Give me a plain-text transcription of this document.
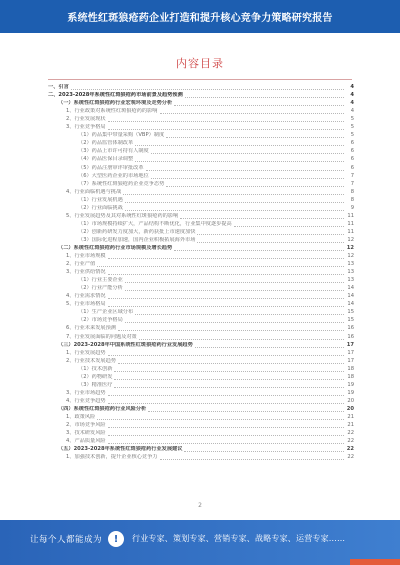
系统性红斑狼疮药企业打造和提升核心竞争力策略研究报告
内容目录
一、引言	4
二、2023-2028年系统性红斑狼疮药市场前景及趋势预测	4
（一）系统性红斑狼疮药行业宏观环境及走势分析	4
1、行业政策对系统性红斑狼疮药的影响	4
2、行业发展现状	5
3、行业竞争格局	5
（1）药品集中带量采购（VBP）制度	5
（2）药品监管体制改革	6
（3）药品上市许可持有人制度	6
（4）药品医保目录调整	6
（5）药品注册审评审批改革	6
（6）大型医药企业的市场地位	7
（7）系统性红斑狼疮药企业竞争态势	7
4、行业面临机遇与挑战	8
（1）行业发展机遇	8
（2）行业面临挑战	9
5、行业发展趋势及其对系统性红斑狼疮药的影响	11
（1）市场规模持续扩大，产品结构不断优化，行业集中度逐步提高	11
（2）创新药研发力度加大，新药获批上市速度加快	11
（3）国际化进程加速，国内企业积极拓展海外市场	12
（二）系统性红斑狼疮药行业市场规模及增长趋势	12
1、行业市场规模	12
2、行业产值	13
3、行业供给情况	13
（1）行业主要企业	13
（2）行业产能分析	14
4、行业需求情况	14
5、行业市场格局	14
（1）生产企业区域分布	15
（2）市场竞争格局	15
6、行业未来发展预测	16
7、行业发展面临的问题及对策	16
（三）2023-2028年中国系统性红斑狼疮药行业发展趋势	17
1、行业发展趋势	17
2、行业技术发展趋势	17
（1）技术创新	18
（2）药物研发	18
（3）精准医疗	19
3、行业市场趋势	19
4、行业竞争趋势	20
（四）系统性红斑狼疮药行业风险分析	20
1、政策风险	21
2、市场竞争风险	21
3、技术研发风险	22
4、产品质量风险	22
（五）2023-2028年系统性红斑狼疮药行业发展建议	22
1、加强技术创新，提升企业核心竞争力	22
2
让每个人都能成为	!	行业专家、策划专家、营销专家、战略专家、运营专家……
